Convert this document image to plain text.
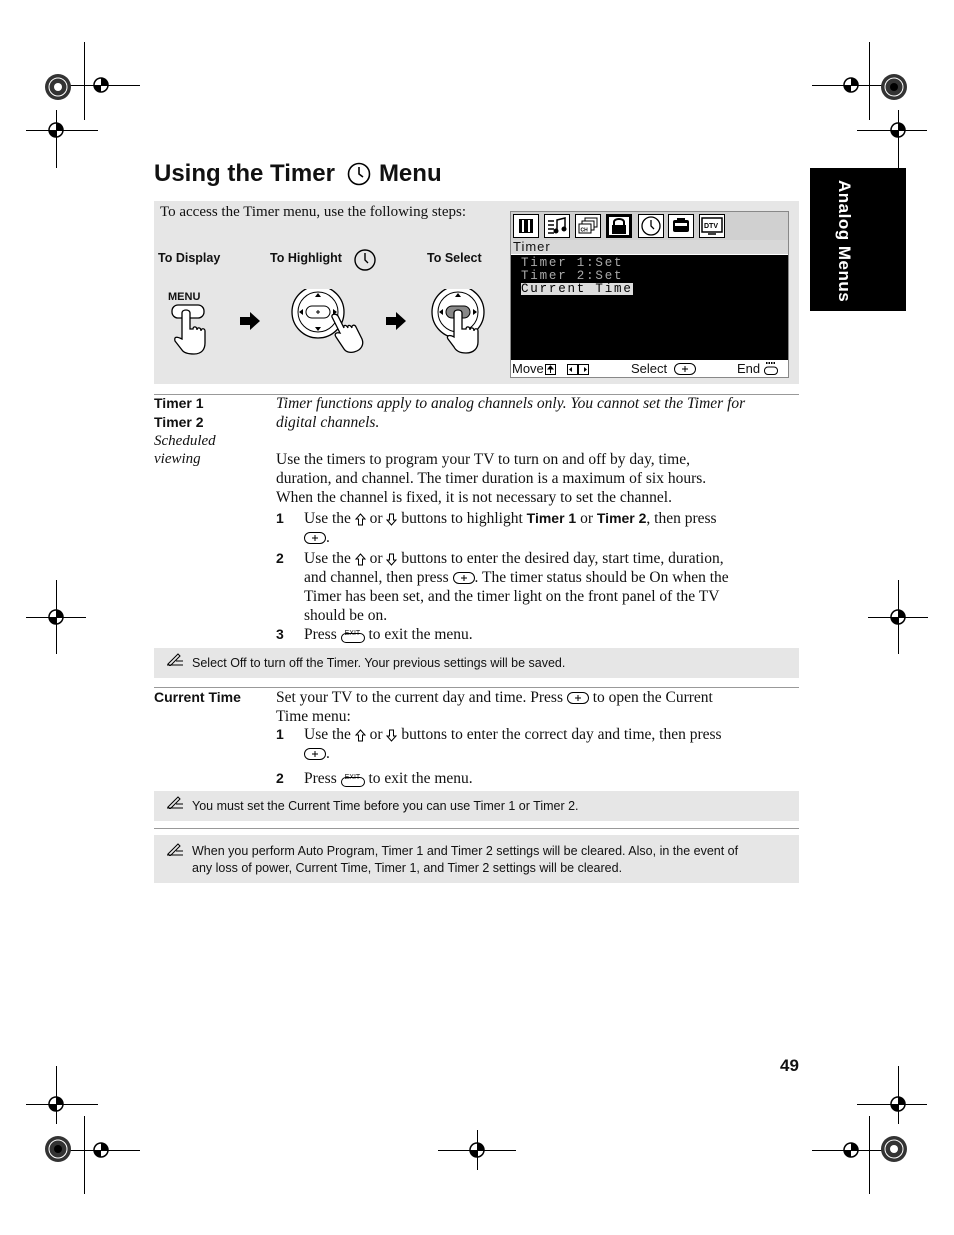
Analog Menus
Using the Timer Menu
To access the Timer menu, use the following steps:
To Display	To Highlight	To Select
MENU
CH
DTV
Timer
Timer 1:Set
Timer 2:Set
Current Time
Move	Select	End
Timer 1
Timer 2
Scheduled
viewing
Timer functions apply to analog channels only. You cannot set the Timer for
digital channels.
Use the timers to program your TV to turn on and off by day, time,
duration, and channel. The timer duration is a maximum of six hours.
When the channel is fixed, it is not necessary to set the channel.
1 Use the or buttons to highlight Timer 1 or Timer 2, then press
.
2 Use the or buttons to enter the desired day, start time, duration,
and channel, then press . The timer status should be On when the
Timer has been set, and the timer light on the front panel of the TV
should be on.
3 Press EXIT to exit the menu.
Select Off to turn off the Timer. Your previous settings will be saved.
Current Time Set your TV to the current day and time. Press to open the Current
Time menu:
1 Use the or buttons to enter the correct day and time, then press
.
2 Press EXIT to exit the menu.
You must set the Current Time before you can use Timer 1 or Timer 2.
When you perform Auto Program, Timer 1 and Timer 2 settings will be cleared. Also, in the event of
any loss of power, Current Time, Timer 1, and Timer 2 settings will be cleared.
49
